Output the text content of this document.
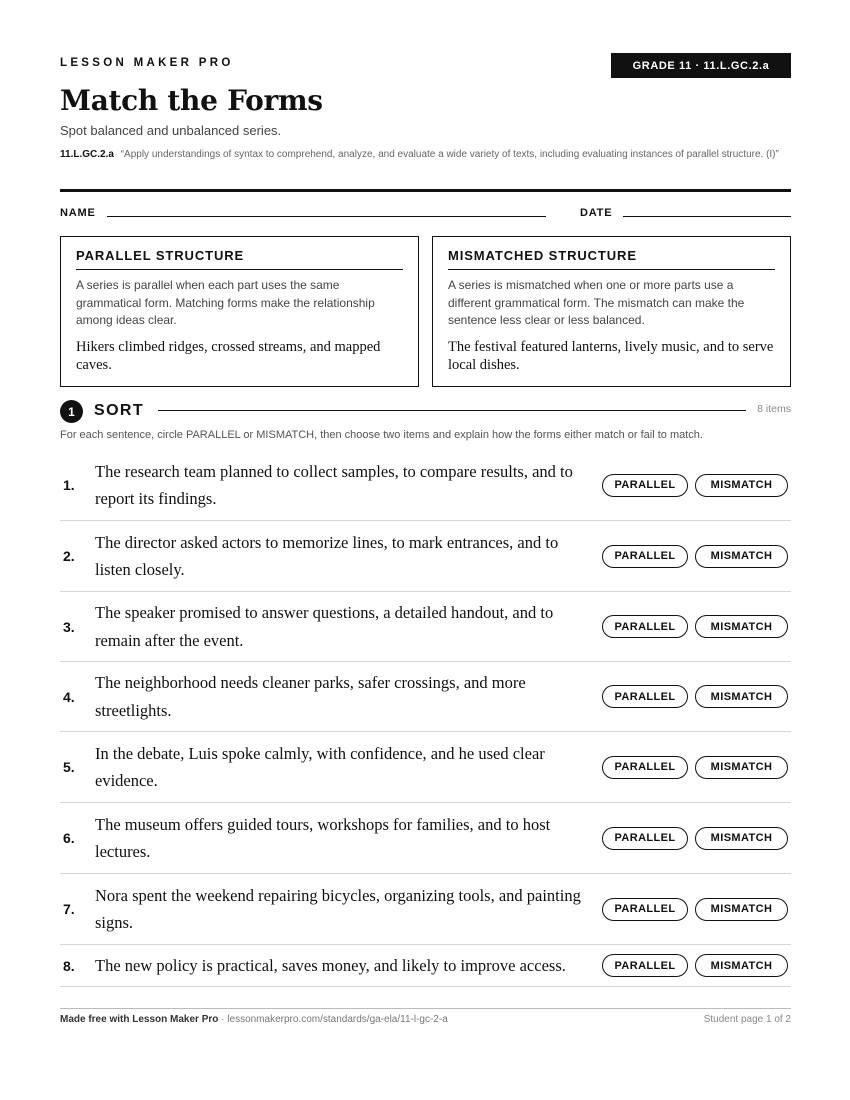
LESSON MAKER PRO	GRADE 11 · 11.L.GC.2.a
Match the Forms
Spot balanced and unbalanced series.
11.L.GC.2.a “Apply understandings of syntax to comprehend, analyze, and evaluate a wide variety of texts, including evaluating instances of parallel structure. (I)”
NAME	DATE
PARALLEL STRUCTURE
A series is parallel when each part uses the same grammatical form. Matching forms make the relationship among ideas clear.
Hikers climbed ridges, crossed streams, and mapped caves.
MISMATCHED STRUCTURE
A series is mismatched when one or more parts use a different grammatical form. The mismatch can make the sentence less clear or less balanced.
The festival featured lanterns, lively music, and to serve local dishes.
1	SORT	8 items
For each sentence, circle PARALLEL or MISMATCH, then choose two items and explain how the forms either match or fail to match.
1.
The research team planned to collect samples, to compare results, and to report its findings.
PARALLEL	MISMATCH
2.
The director asked actors to memorize lines, to mark entrances, and to listen closely.
PARALLEL	MISMATCH
3.
The speaker promised to answer questions, a detailed handout, and to remain after the event.
PARALLEL	MISMATCH
4.
The neighborhood needs cleaner parks, safer crossings, and more streetlights.
PARALLEL	MISMATCH
5.
In the debate, Luis spoke calmly, with confidence, and he used clear evidence.
PARALLEL	MISMATCH
6.
The museum offers guided tours, workshops for families, and to host lectures.
PARALLEL	MISMATCH
7.
Nora spent the weekend repairing bicycles, organizing tools, and painting signs.
PARALLEL	MISMATCH
8. The new policy is practical, saves money, and likely to improve access.	PARALLEL	MISMATCH
Made free with Lesson Maker Pro · lessonmakerpro.com/standards/ga-ela/11-l-gc-2-a	Student page 1 of 2
